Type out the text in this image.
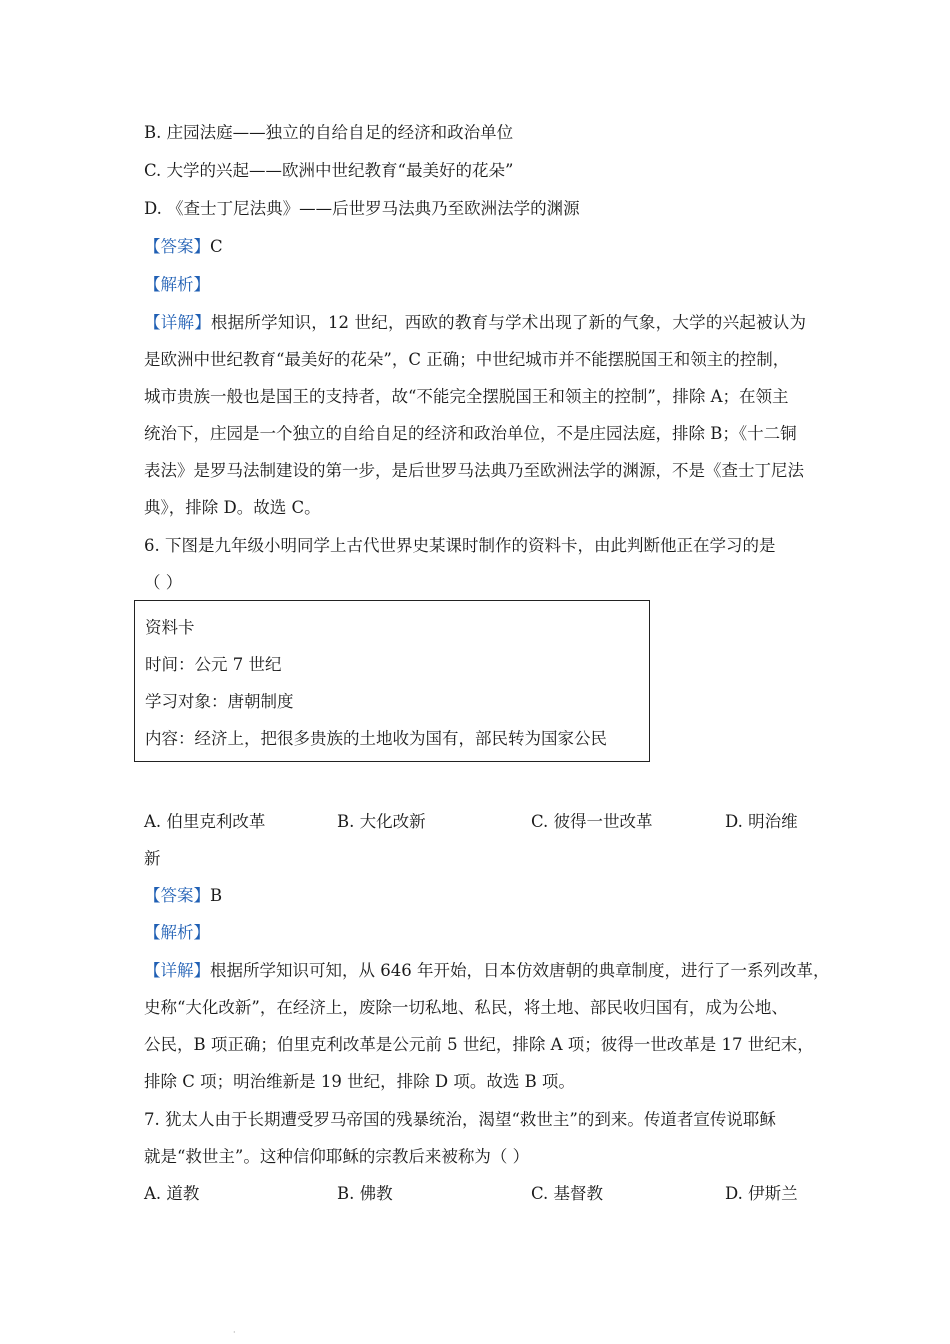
B. 庄园法庭——独立的自给自足的经济和政治单位
C. 大学的兴起——欧洲中世纪教育“最美好的花朵”
D. 《查士丁尼法典》——后世罗马法典乃至欧洲法学的渊源
【答案】C
【解析】
【详解】根据所学知识，12 世纪，西欧的教育与学术出现了新的气象，大学的兴起被认为
是欧洲中世纪教育“最美好的花朵”，C 正确；中世纪城市并不能摆脱国王和领主的控制，
城市贵族一般也是国王的支持者，故“不能完全摆脱国王和领主的控制”，排除 A；在领主
统治下，庄园是一个独立的自给自足的经济和政治单位，不是庄园法庭，排除 B；《十二铜
表法》是罗马法制建设的第一步，是后世罗马法典乃至欧洲法学的渊源，不是《查士丁尼法
典》，排除 D。故选 C。
6. 下图是九年级小明同学上古代世界史某课时制作的资料卡，由此判断他正在学习的是
（ ）
资料卡
时间：公元 7 世纪
学习对象：唐朝制度
内容：经济上，把很多贵族的土地收为国有，部民转为国家公民
A. 伯里克利改革	B. 大化改新	C. 彼得一世改革	D. 明治维
新
【答案】B
【解析】
【详解】根据所学知识可知，从 646 年开始，日本仿效唐朝的典章制度，进行了一系列改革，
史称“大化改新”，在经济上，废除一切私地、私民，将土地、部民收归国有，成为公地、
公民，B 项正确；伯里克利改革是公元前 5 世纪，排除 A 项；彼得一世改革是 17 世纪末，
排除 C 项；明治维新是 19 世纪，排除 D 项。故选 B 项。
7. 犹太人由于长期遭受罗马帝国的残暴统治，渴望“救世主”的到来。传道者宣传说耶稣
就是“救世主”。这种信仰耶稣的宗教后来被称为（ ）
A. 道教	B. 佛教	C. 基督教	D. 伊斯兰
·
